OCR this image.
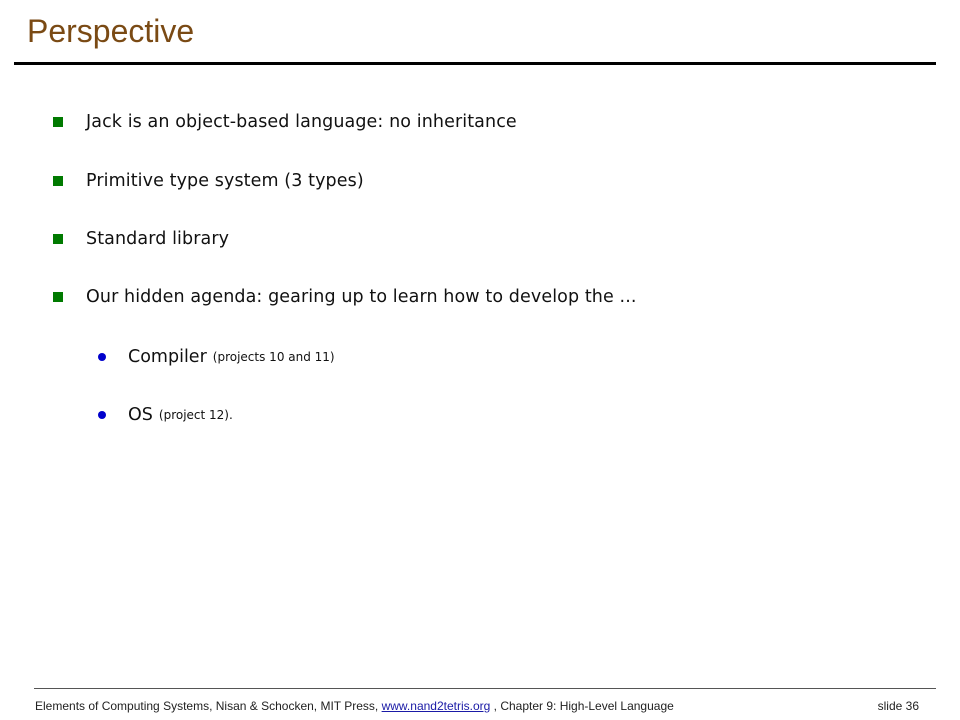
Perspective
Jack is an object-based language: no inheritance
Primitive type system (3 types)
Standard library
Our hidden agenda: gearing up to learn how to develop the ...
Compiler (projects 10 and 11)
OS (project 12).
Elements of Computing Systems, Nisan & Schocken, MIT Press, www.nand2tetris.org , Chapter 9: High-Level Language	slide 36
